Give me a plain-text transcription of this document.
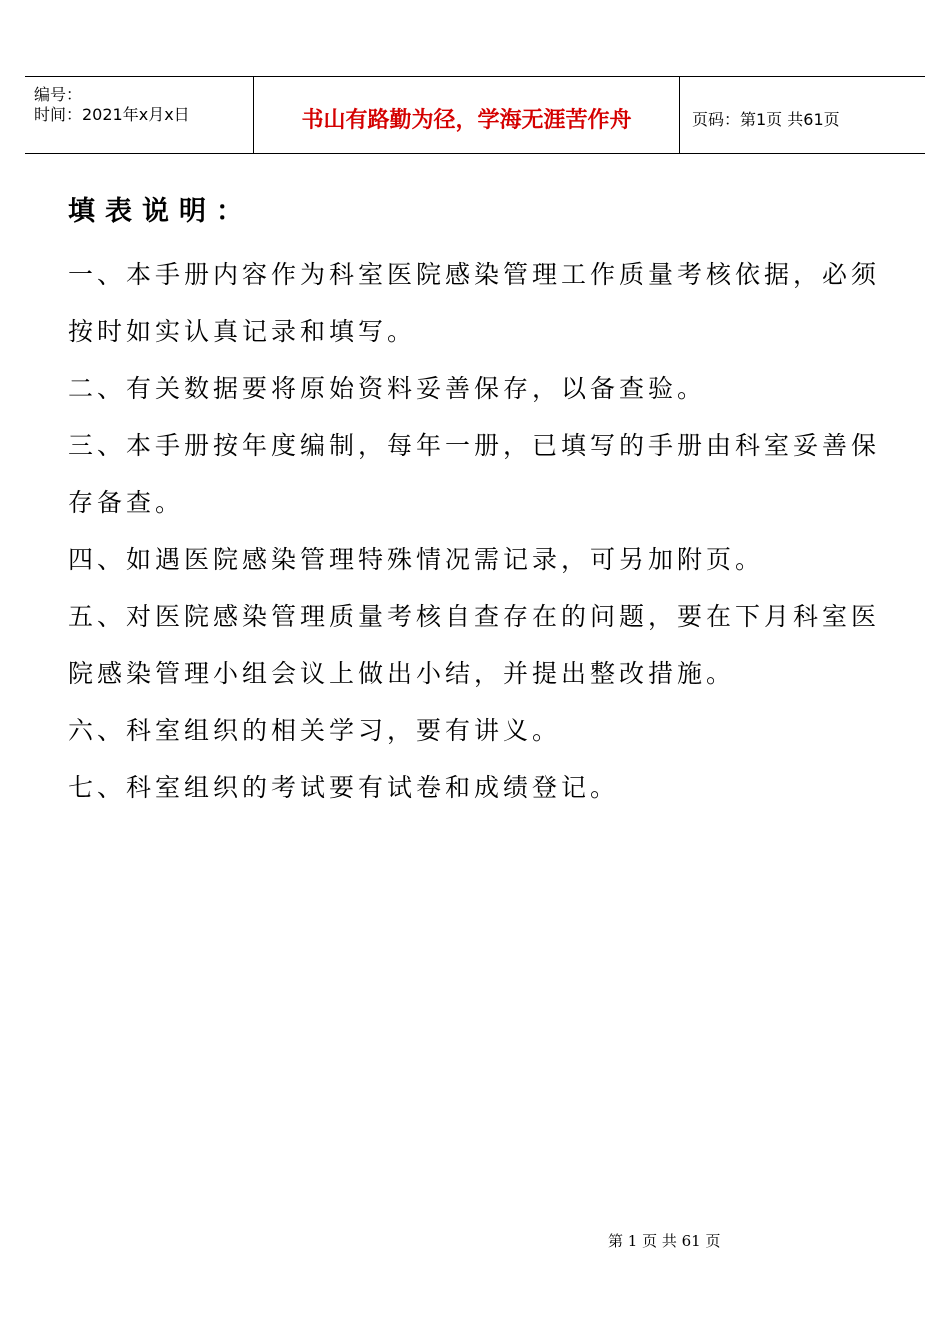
编号：
时间：2021年x月x日	书山有路勤为径，学海无涯苦作舟	页码：第1页 共61页
填表说明：

一、本手册内容作为科室医院感染管理工作质量考核依据，必须按时如实认真记录和填写。

二、有关数据要将原始资料妥善保存，以备查验。

三、本手册按年度编制，每年一册，已填写的手册由科室妥善保存备查。

四、如遇医院感染管理特殊情况需记录，可另加附页。

五、对医院感染管理质量考核自查存在的问题，要在下月科室医院感染管理小组会议上做出小结，并提出整改措施。

六、科室组织的相关学习，要有讲义。

七、科室组织的考试要有试卷和成绩登记。

第 1 页 共 61 页
